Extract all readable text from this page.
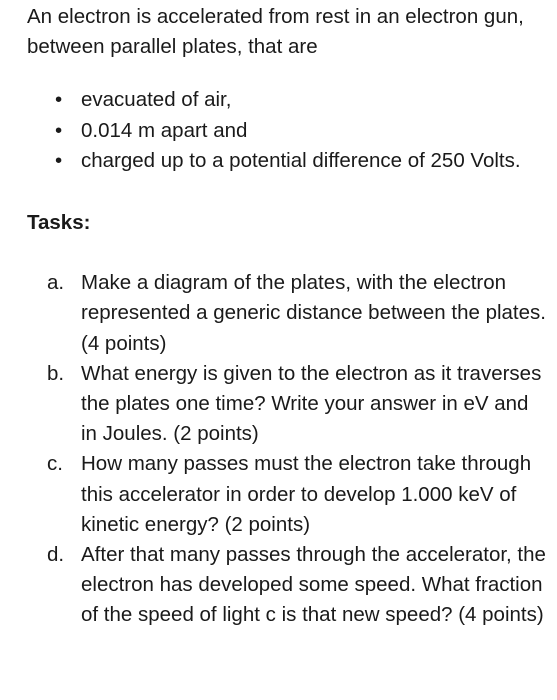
An electron is accelerated from rest in an electron gun, between parallel plates, that are

• evacuated of air,
• 0.014 m apart and
• charged up to a potential difference of 250 Volts.

Tasks:

a. Make a diagram of the plates, with the electron represented a generic distance between the plates. (4 points)
b. What energy is given to the electron as it traverses the plates one time? Write your answer in eV and in Joules. (2 points)
c. How many passes must the electron take through this accelerator in order to develop 1.000 keV of kinetic energy? (2 points)
d. After that many passes through the accelerator, the electron has developed some speed. What fraction of the speed of light c is that new speed? (4 points)
